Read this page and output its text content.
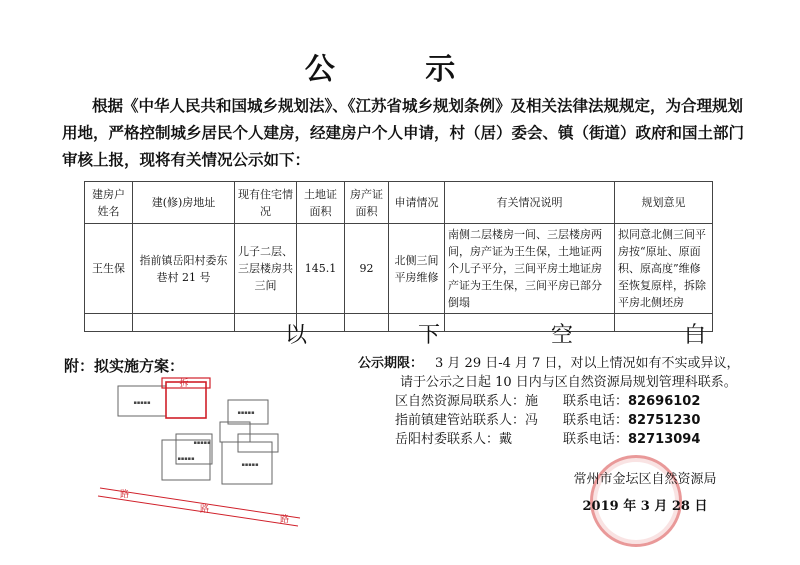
公 示
根据《中华人民共和国城乡规划法》、《江苏省城乡规划条例》及相关法律法规规定，为合理规划用地，严格控制城乡居民个人建房，经建房户个人申请，村（居）委会、镇（街道）政府和国土部门审核上报，现将有关情况公示如下：
建房户姓名	建(修)房地址	现有住宅情况	土地证面积	房产证面积	申请情况	有关情况说明	规划意见
王生保	指前镇岳阳村委东巷村 21 号	儿子二层、三层楼房共三间	145.1	92	北侧三间平房维修	南侧二层楼房一间、三层楼房两间，房产证为王生保，土地证两个儿子平分，三间平房土地证房产证为王生保，三间平房已部分倒塌	拟同意北侧三间平房按“原址、原面积、原高度”维修至恢复原样，拆除平房北侧坯房

以 下 空 白
附：拟实施方案：
拆
▪▪▪▪▪
▪▪▪▪▪
▪▪▪▪▪
▪▪▪▪▪
▪▪▪▪▪
路
路
路
公示期限： 3 月 29 日-4 月 7 日，对以上情况如有不实或异议，
请于公示之日起 10 日内与区自然资源局规划管理科联系。
区自然资源局联系人：施	联系电话： 82696102
指前镇建管站联系人：冯	联系电话： 82751230
岳阳村委联系人：戴	联系电话： 82713094
常州市金坛区自然资源局
2019 年 3 月 28 日
